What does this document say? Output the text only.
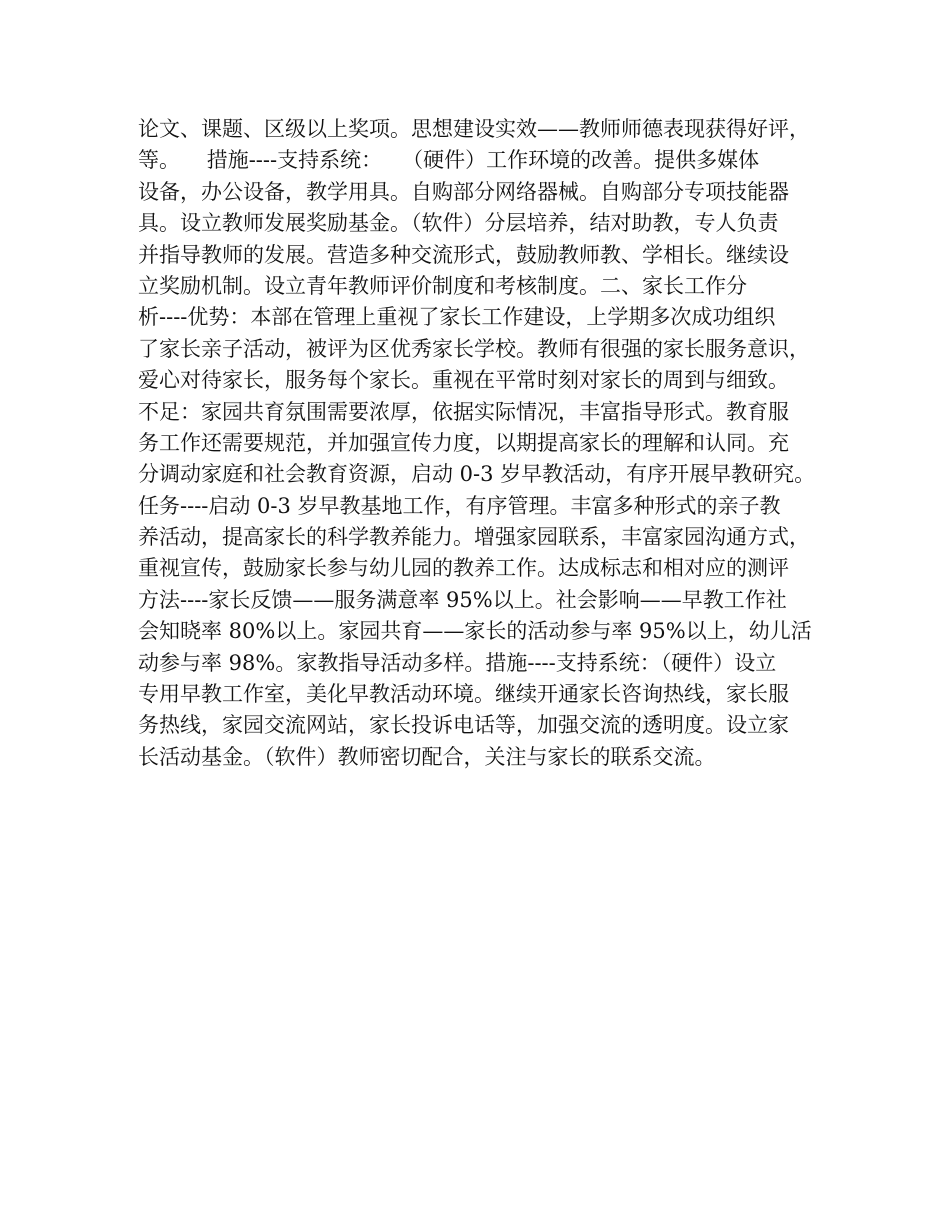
论文、课题、区级以上奖项。思想建设实效——教师师德表现获得好评，
等。    措施----支持系统：   （硬件）工作环境的改善。提供多媒体
设备，办公设备，教学用具。自购部分网络器械。自购部分专项技能器
具。设立教师发展奖励基金。（软件）分层培养，结对助教，专人负责
并指导教师的发展。营造多种交流形式，鼓励教师教、学相长。继续设
立奖励机制。设立青年教师评价制度和考核制度。二、家长工作分
析----优势：本部在管理上重视了家长工作建设，上学期多次成功组织
了家长亲子活动，被评为区优秀家长学校。教师有很强的家长服务意识，
爱心对待家长，服务每个家长。重视在平常时刻对家长的周到与细致。
不足：家园共育氛围需要浓厚，依据实际情况，丰富指导形式。教育服
务工作还需要规范，并加强宣传力度，以期提高家长的理解和认同。充
分调动家庭和社会教育资源，启动 0-3 岁早教活动，有序开展早教研究。
任务----启动 0-3 岁早教基地工作，有序管理。丰富多种形式的亲子教
养活动，提高家长的科学教养能力。增强家园联系，丰富家园沟通方式，
重视宣传，鼓励家长参与幼儿园的教养工作。达成标志和相对应的测评
方法----家长反馈——服务满意率 95%以上。社会影响——早教工作社
会知晓率 80%以上。家园共育——家长的活动参与率 95%以上，幼儿活
动参与率 98%。家教指导活动多样。措施----支持系统：（硬件）设立
专用早教工作室，美化早教活动环境。继续开通家长咨询热线，家长服
务热线，家园交流网站，家长投诉电话等，加强交流的透明度。设立家
长活动基金。（软件）教师密切配合，关注与家长的联系交流。
